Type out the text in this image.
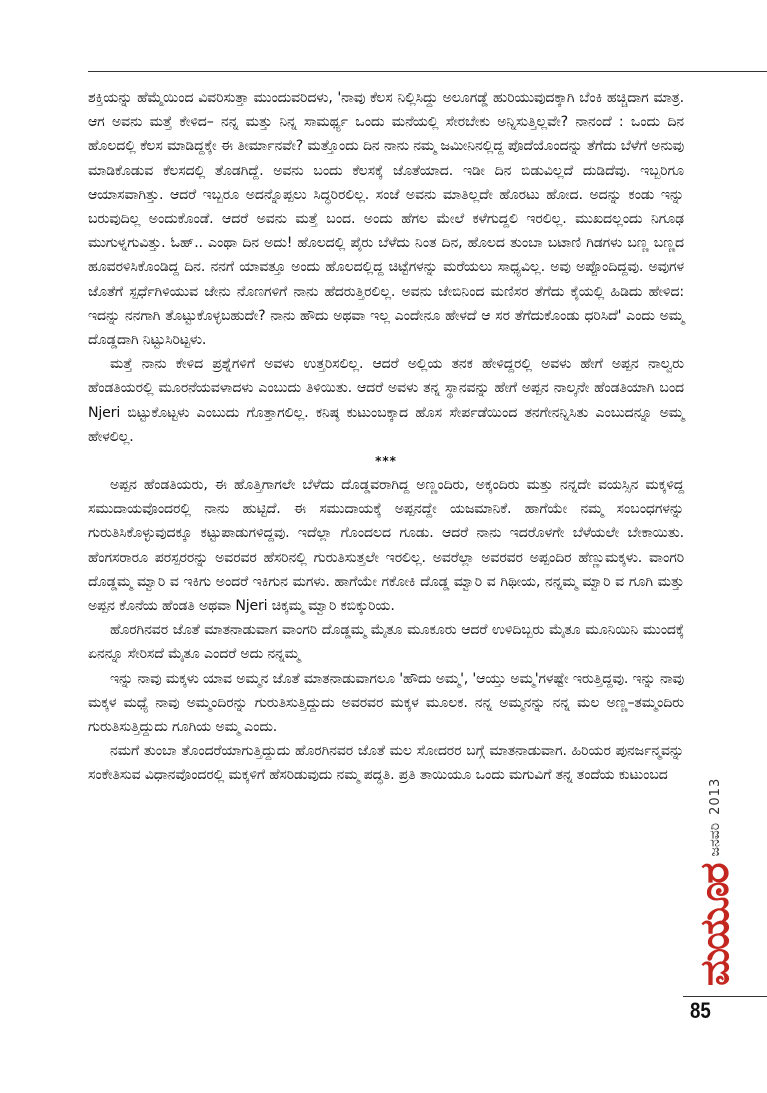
ಶಕ್ತಿಯನ್ನು ಹೆಮ್ಮೆಯಿಂದ ವಿವರಿಸುತ್ತಾ ಮುಂದುವರಿದಳು, 'ನಾವು ಕೆಲಸ ನಿಲ್ಲಿಸಿದ್ದು ಅಲೂಗಡ್ಡೆ ಹುರಿಯುವುದಕ್ಕಾಗಿ ಬೆಂಕಿ ಹಚ್ಚಿದಾಗ ಮಾತ್ರ. ಆಗ ಅವನು ಮತ್ತೆ ಕೇಳಿದ– ನನ್ನ ಮತ್ತು ನಿನ್ನ ಸಾಮರ್ಥ್ಯ ಒಂದು ಮನೆಯಲ್ಲಿ ಸೇರಬೇಕು ಅನ್ನಿಸುತ್ತಿಲ್ಲವೇ? ನಾನಂದೆ : ಒಂದು ದಿನ ಹೊಲದಲ್ಲಿ ಕೆಲಸ ಮಾಡಿದ್ದಕ್ಕೇ ಈ ತೀರ್ಮಾನವೇ? ಮತ್ತೊಂದು ದಿನ ನಾನು ನಮ್ಮ ಜಮೀನಿನಲ್ಲಿದ್ದ ಪೊದೆಯೊಂದನ್ನು ತೆಗೆದು ಬೆಳೆಗೆ ಅನುವು ಮಾಡಿಕೊಡುವ ಕೆಲಸದಲ್ಲಿ ತೊಡಗಿದ್ದೆ. ಅವನು ಬಂದು ಕೆಲಸಕ್ಕೆ ಜೊತೆಯಾದ. ಇಡೀ ದಿನ ಬಿಡುವಿಲ್ಲದೆ ದುಡಿದೆವು. ಇಬ್ಬರಿಗೂ ಆಯಾಸವಾಗಿತ್ತು. ಆದರೆ ಇಬ್ಬರೂ ಅದನ್ನೊಪ್ಪಲು ಸಿದ್ಧರಿರಲಿಲ್ಲ. ಸಂಜೆ ಅವನು ಮಾತಿಲ್ಲದೇ ಹೊರಟು ಹೋದ. ಅದನ್ನು ಕಂಡು ಇನ್ನು ಬರುವುದಿಲ್ಲ ಅಂದುಕೊಂಡೆ. ಆದರೆ ಅವನು ಮತ್ತೆ ಬಂದ. ಅಂದು ಹೆಗಲ ಮೇಲೆ ಕಳೆಗುದ್ದಲಿ ಇರಲಿಲ್ಲ. ಮುಖದಲ್ಲಂದು ನಿಗೂಢ ಮುಗುಳ್ನಗುವಿತ್ತು. ಓಹ್.. ಎಂಥಾ ದಿನ ಅದು! ಹೊಲದಲ್ಲಿ ಪೈರು ಬೆಳೆದು ನಿಂತ ದಿನ, ಹೊಲದ ತುಂಬಾ ಬಟಾಣಿ ಗಿಡಗಳು ಬಣ್ಣ ಬಣ್ಣದ ಹೂವರಳಿಸಿಕೊಂಡಿದ್ದ ದಿನ. ನನಗೆ ಯಾವತ್ತೂ ಅಂದು ಹೊಲದಲ್ಲಿದ್ದ ಚಿಟ್ಟೆಗಳನ್ನು ಮರೆಯಲು ಸಾಧ್ಯವಿಲ್ಲ. ಅವು ಅಪ್ಪೊಂದಿದ್ದವು. ಅವುಗಳ ಜೊತೆಗೆ ಸ್ಪರ್ಧೆಗಿಳಿಯುವ ಜೇನು ನೊಣಗಳಿಗೆ ನಾನು ಹೆದರುತ್ತಿರಲಿಲ್ಲ. ಅವನು ಜೇಬಿನಿಂದ ಮಣಿಸರ ತೆಗೆದು ಕೈಯಲ್ಲಿ ಹಿಡಿದು ಹೇಳಿದ: ಇದನ್ನು ನನಗಾಗಿ ತೊಟ್ಟುಕೊಳ್ಳಬಹುದೇ? ನಾನು ಹೌದು ಅಥವಾ ಇಲ್ಲ ಎಂದೇನೂ ಹೇಳದೆ ಆ ಸರ ತೆಗೆದುಕೊಂಡು ಧರಿಸಿದೆ' ಎಂದು ಅಮ್ಮ ದೊಡ್ಡದಾಗಿ ನಿಟ್ಟುಸಿರಿಟ್ಟಳು.

ಮತ್ತೆ ನಾನು ಕೇಳಿದ ಪ್ರಶ್ನೆಗಳಿಗೆ ಅವಳು ಉತ್ತರಿಸಲಿಲ್ಲ. ಆದರೆ ಅಲ್ಲಿಯ ತನಕ ಹೇಳಿದ್ದರಲ್ಲಿ ಅವಳು ಹೇಗೆ ಅಪ್ಪನ ನಾಲ್ವರು ಹೆಂಡತಿಯರಲ್ಲಿ ಮೂರನೆಯವಳಾದಳು ಎಂಬುದು ತಿಳಿಯಿತು. ಆದರೆ ಅವಳು ತನ್ನ ಸ್ಥಾನವನ್ನು ಹೇಗೆ ಅಪ್ಪನ ನಾಲ್ಕನೇ ಹೆಂಡತಿಯಾಗಿ ಬಂದ Njeri ಬಿಟ್ಟುಕೊಟ್ಟಳು ಎಂಬುದು ಗೊತ್ತಾಗಲಿಲ್ಲ. ಕನಿಷ್ಠ ಕುಟುಂಬಕ್ಕಾದ ಹೊಸ ಸೇರ್ಪಡೆಯಿಂದ ತನಗೇನನ್ನಿಸಿತು ಎಂಬುದನ್ನೂ ಅಮ್ಮ ಹೇಳಲಿಲ್ಲ.

***

ಅಪ್ಪನ ಹೆಂಡತಿಯರು, ಈ ಹೊತ್ತಿಗಾಗಲೇ ಬೆಳೆದು ದೊಡ್ಡವರಾಗಿದ್ದ ಅಣ್ಣಂದಿರು, ಅಕ್ಕಂದಿರು ಮತ್ತು ನನ್ನದೇ ವಯಸ್ಸಿನ ಮಕ್ಕಳಿದ್ದ ಸಮುದಾಯವೊಂದರಲ್ಲಿ ನಾನು ಹುಟ್ಟಿದೆ. ಈ ಸಮುದಾಯಕ್ಕೆ ಅಪ್ಪನದ್ದೇ ಯಜಮಾನಿಕೆ. ಹಾಗೆಯೇ ನಮ್ಮ ಸಂಬಂಧಗಳನ್ನು ಗುರುತಿಸಿಕೊಳ್ಳುವುದಕ್ಕೂ ಕಟ್ಟುಪಾಡುಗಳಿದ್ದವು. ಇದೆಲ್ಲಾ ಗೊಂದಲದ ಗೂಡು. ಆದರೆ ನಾನು ಇದರೊಳಗೇ ಬೆಳೆಯಲೇ ಬೇಕಾಯಿತು. ಹೆಂಗಸರಾರೂ ಪರಸ್ಪರರನ್ನು ಅವರವರ ಹೆಸರಿನಲ್ಲಿ ಗುರುತಿಸುತ್ತಲೇ ಇರಲಿಲ್ಲ. ಅವರೆಲ್ಲಾ ಅವರವರ ಅಪ್ಪಂದಿರ ಹೆಣ್ಣುಮಕ್ಕಳು. ವಾಂಗರಿ ದೊಡ್ಡಮ್ಮ ಮ್ವಾರಿ ವ ಇಕಿಗು ಅಂದರೆ ಇಕಿಗುನ ಮಗಳು. ಹಾಗೆಯೇ ಗಕೋಕಿ ದೊಡ್ಡ ಮ್ವಾರಿ ವ ಗಿಥೀಯ, ನನ್ನಮ್ಮ ಮ್ವಾರಿ ವ ಗೂಗಿ ಮತ್ತು ಅಪ್ಪನ ಕೊನೆಯ ಹೆಂಡತಿ ಅಥವಾ Njeri ಚಿಕ್ಕಮ್ಮ ಮ್ವಾರಿ ಕಬಿಕ್ಕುರಿಯ.

ಹೊರಗಿನವರ ಜೊತೆ ಮಾತನಾಡುವಾಗ ವಾಂಗರಿ ದೊಡ್ಡಮ್ಮ ಮೈತೂ ಮೂಕೂರು ಆದರೆ ಉಳಿದಿಬ್ಬರು ಮೈತೂ ಮೂನಿಯಿನಿ ಮುಂದಕ್ಕೆ ಏನನ್ನೂ ಸೇರಿಸದೆ ಮೈತೂ ಎಂದರೆ ಅದು ನನ್ನಮ್ಮ

ಇನ್ನು ನಾವು ಮಕ್ಕಳು ಯಾವ ಅಮ್ಮನ ಜೊತೆ ಮಾತನಾಡುವಾಗಲೂ 'ಹೌದು ಅಮ್ಮ', 'ಆಯ್ತು ಅಮ್ಮ'ಗಳಷ್ಟೇ ಇರುತ್ತಿದ್ದವು. ಇನ್ನು ನಾವು ಮಕ್ಕಳ ಮಧ್ಯೆ ನಾವು ಅಮ್ಮಂದಿರನ್ನು ಗುರುತಿಸುತ್ತಿದ್ದುದು ಅವರವರ ಮಕ್ಕಳ ಮೂಲಕ. ನನ್ನ ಅಮ್ಮನನ್ನು ನನ್ನ ಮಲ ಅಣ್ಣ–ತಮ್ಮಂದಿರು ಗುರುತಿಸುತ್ತಿದ್ದುದು ಗೂಗಿಯ ಅಮ್ಮ ಎಂದು.

ನಮಗೆ ತುಂಬಾ ತೊಂದರೆಯಾಗುತ್ತಿದ್ದುದು ಹೊರಗಿನವರ ಜೊತೆ ಮಲ ಸೋದರರ ಬಗ್ಗೆ ಮಾತನಾಡುವಾಗ. ಹಿರಿಯರ ಪುನರ್ಜನ್ಮವನ್ನು ಸಂಕೇತಿಸುವ ವಿಧಾನವೊಂದರಲ್ಲಿ ಮಕ್ಕಳಿಗೆ ಹೆಸರಿಡುವುದು ನಮ್ಮ ಪದ್ಧತಿ. ಪ್ರತಿ ತಾಯಿಯೂ ಒಂದು ಮಗುವಿಗೆ ತನ್ನ ತಂದೆಯ ಕುಟುಂಬದ

ಮಯೂರ
ಜನವರಿ
2013
85
